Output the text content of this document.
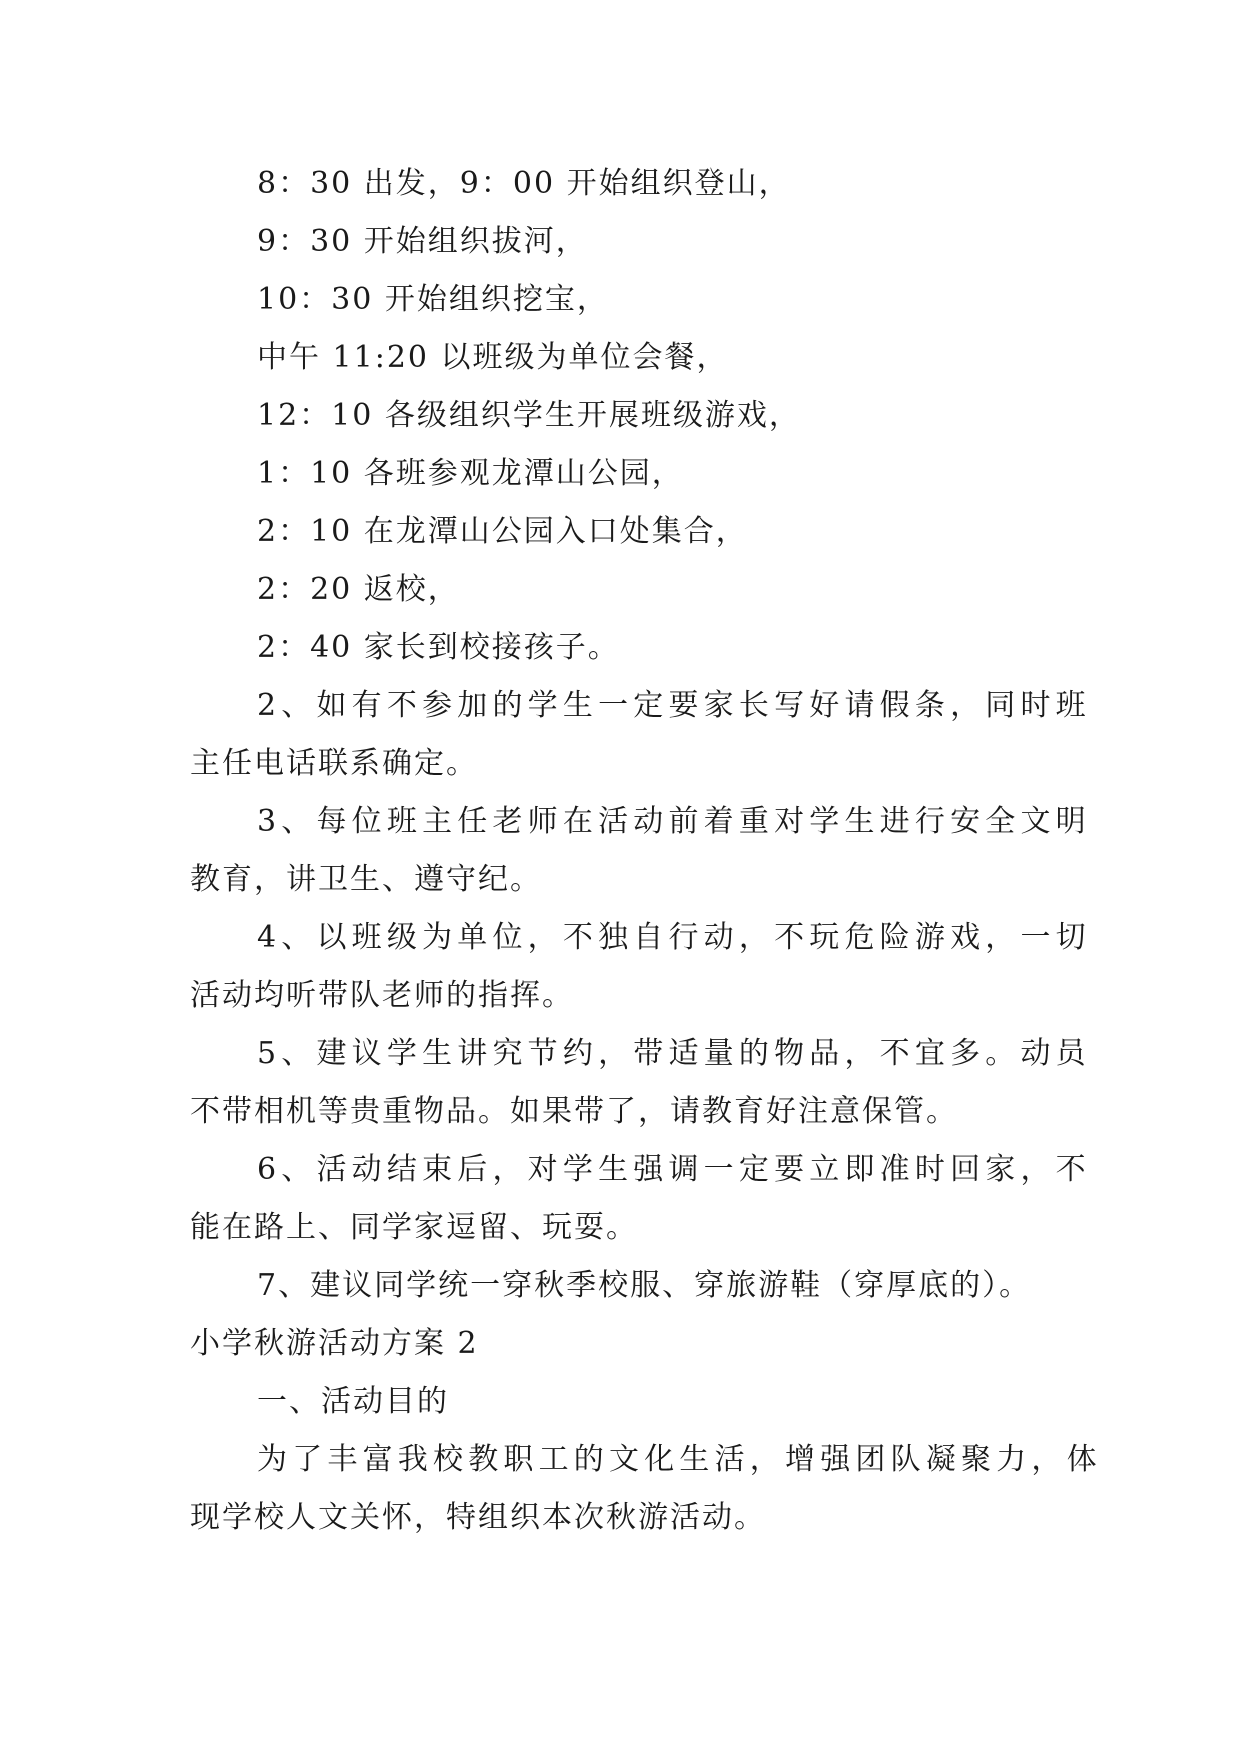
8：30 出发，9：00 开始组织登山，
9：30 开始组织拔河，
10：30 开始组织挖宝，
中午 11:20 以班级为单位会餐，
12：10 各级组织学生开展班级游戏，
1：10 各班参观龙潭山公园，
2：10 在龙潭山公园入口处集合，
2：20 返校，
2：40 家长到校接孩子。
2、如有不参加的学生一定要家长写好请假条，同时班
主任电话联系确定。
3、每位班主任老师在活动前着重对学生进行安全文明
教育，讲卫生、遵守纪。
4、以班级为单位，不独自行动，不玩危险游戏，一切
活动均听带队老师的指挥。
5、建议学生讲究节约，带适量的物品，不宜多。动员
不带相机等贵重物品。如果带了，请教育好注意保管。
6、活动结束后，对学生强调一定要立即准时回家，不
能在路上、同学家逗留、玩耍。
7、建议同学统一穿秋季校服、穿旅游鞋（穿厚底的）。
小学秋游活动方案 2
一、活动目的
为了丰富我校教职工的文化生活，增强团队凝聚力，体
现学校人文关怀，特组织本次秋游活动。
